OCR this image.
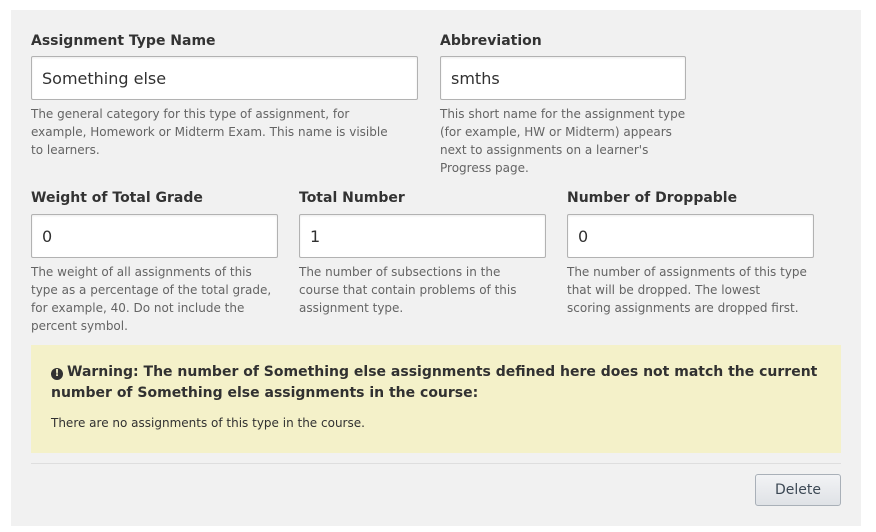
Assignment Type Name
Something else
The general category for this type of assignment, for example, Homework or Midterm Exam. This name is visible to learners.
Abbreviation
smths
This short name for the assignment type (for example, HW or Midterm) appears next to assignments on a learner's Progress page.
Weight of Total Grade
0
The weight of all assignments of this type as a percentage of the total grade, for example, 40. Do not include the percent symbol.
Total Number
1
The number of subsections in the course that contain problems of this assignment type.
Number of Droppable
0
The number of assignments of this type that will be dropped. The lowest scoring assignments are dropped first.
! Warning: The number of Something else assignments defined here does not match the current number of Something else assignments in the course:
There are no assignments of this type in the course.
Delete
